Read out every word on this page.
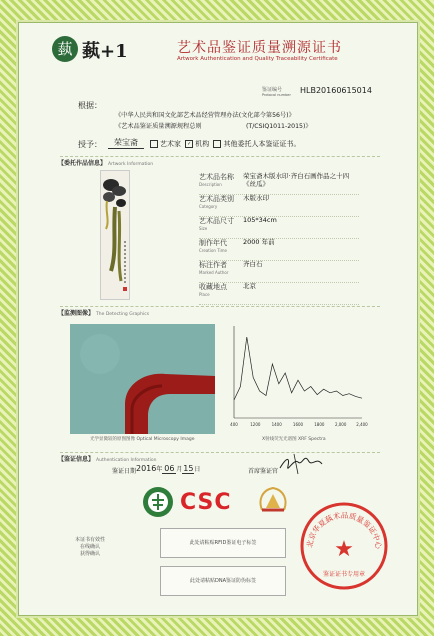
蓺 蓺+1	艺术品鉴证质量溯源证书
Artwork Authentication and Quality Traceability Certificate
鉴证编号
Protocol number HLB20160615014
根据：
《中华人民共和国文化部艺术品经营管理办法(文化部令第56号)》
《艺术品鉴证质量溯源规程总则	(T/CSIQ1011-2015)》
授予：	荣宝斋	艺术家 ✓ 机构 其他委托人本鉴证证书。
【委托作品信息】 Artwork Information
艺术品名称
Description
荣宝斋木版水印·齐白石画作品之十四《丝瓜》
艺术品类别
Category
木版水印
艺术品尺寸
Size
105*34cm
制作年代
Creation Time
2000 年前
标注作者
Marked Author
齐白石
收藏地点
Place
北京
【监测图像】 The Detecting Graphics
光学显微较的原图图像 Optical Microscopy Image
400	1200	1400	1600	1800	2,000 2,400
X射线荧光光谱图 XRF Spectra
【鉴证信息】 Authentication Information
鉴证日期 2016年 06 月15日	首席鉴证官
CSC
本证书有效性
在线确认
获得确认
此处请粘贴RFID鉴证电子标签
此处请粘贴DNA鉴证防伪标签
北京华夏蓺术品质量鉴证中心
★
鉴证证书专用章
